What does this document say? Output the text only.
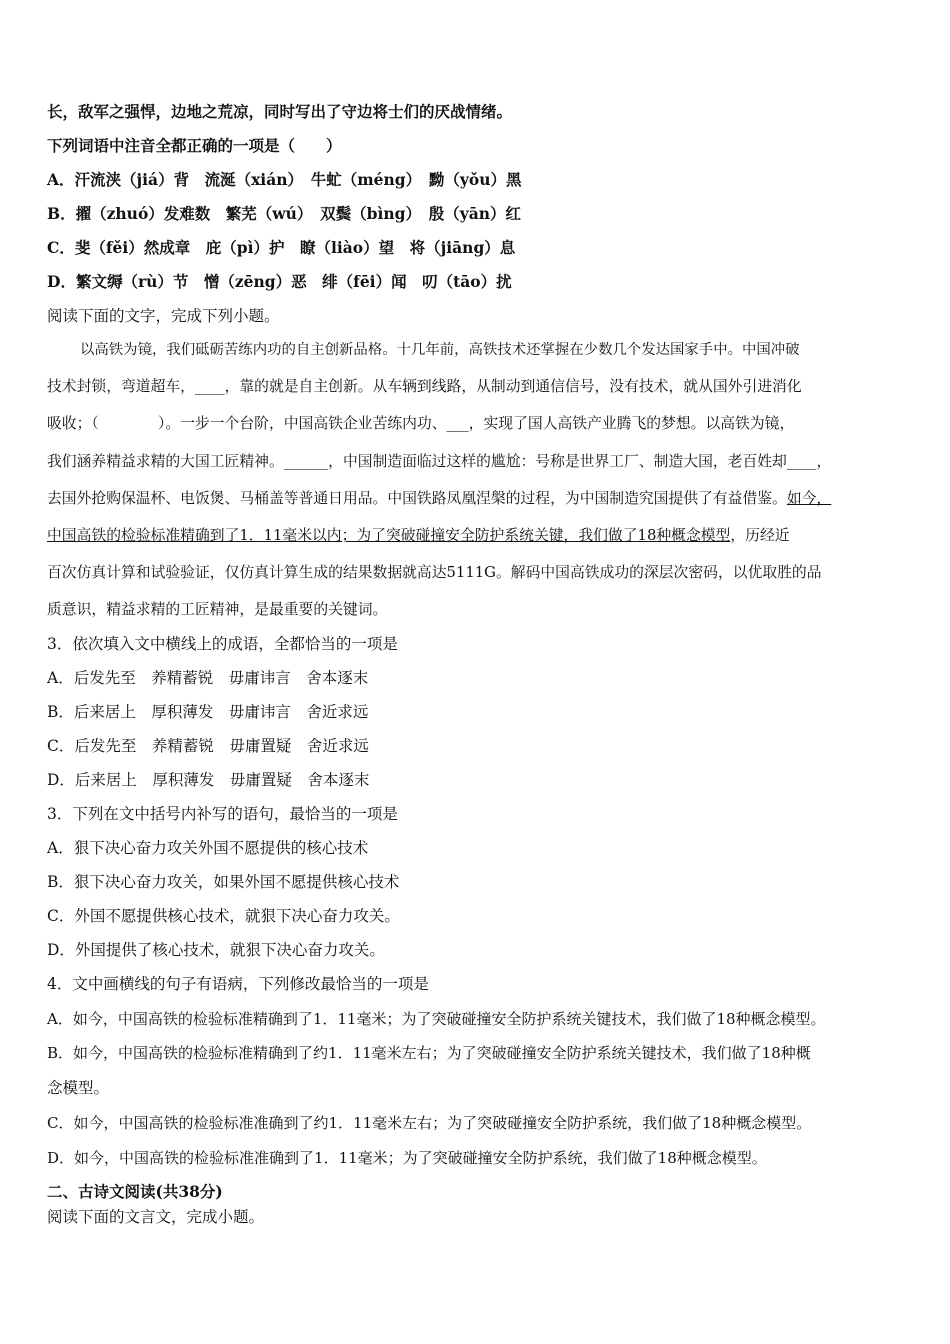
长，敌军之强悍，边地之荒凉，同时写出了守边将士们的厌战情绪。
下列词语中注音全都正确的一项是（　　）
A．汗流浃（jiá）背　流涎（xián）　牛虻（méng）　黝（yǒu）黑
B．擢（zhuó）发难数　繁芜（wú）　双鬓（bìng）　殷（yān）红
C．斐（fěi）然成章　庇（pì）护　瞭（liào）望　将（jiāng）息
D．繁文缛（rù）节　憎（zēng）恶　绯（fēi）闻　叨（tāo）扰
阅读下面的文字，完成下列小题。
以高铁为镜，我们砥砺苦练内功的自主创新品格。十几年前，高铁技术还掌握在少数几个发达国家手中。中国冲破
技术封锁，弯道超车，____，靠的就是自主创新。从车辆到线路，从制动到通信信号，没有技术，就从国外引进消化
吸收；（　　　　）。一步一个台阶，中国高铁企业苦练内功、___，实现了国人高铁产业腾飞的梦想。以高铁为镜，
我们涵养精益求精的大国工匠精神。______，中国制造面临过这样的尴尬：号称是世界工厂、制造大国，老百姓却____，
去国外抢购保温杯、电饭煲、马桶盖等普通日用品。中国铁路凤凰涅槃的过程，为中国制造究国提供了有益借鉴。如今，
中国高铁的检验标准精确到了1．11毫米以内；为了突破碰撞安全防护系统关键，我们做了18种概念模型，历经近
百次仿真计算和试验验证，仅仿真计算生成的结果数据就高达5111G。解码中国高铁成功的深层次密码，以优取胜的品
质意识，精益求精的工匠精神，是最重要的关键词。
3．依次填入文中横线上的成语，全都恰当的一项是
A．后发先至　养精蓄锐　毋庸讳言　舍本逐末
B．后来居上　厚积薄发　毋庸讳言　舍近求远
C．后发先至　养精蓄锐　毋庸置疑　舍近求远
D．后来居上　厚积薄发　毋庸置疑　舍本逐末
3．下列在文中括号内补写的语句，最恰当的一项是
A．狠下决心奋力攻关外国不愿提供的核心技术
B．狠下决心奋力攻关，如果外国不愿提供核心技术
C．外国不愿提供核心技术，就狠下决心奋力攻关。
D．外国提供了核心技术，就狠下决心奋力攻关。
4．文中画横线的句子有语病，下列修改最恰当的一项是
A．如今，中国高铁的检验标准精确到了1．11毫米；为了突破碰撞安全防护系统关键技术，我们做了18种概念模型。
B．如今，中国高铁的检验标准精确到了约1．11毫米左右；为了突破碰撞安全防护系统关键技术，我们做了18种概
念模型。
C．如今，中国高铁的检验标准准确到了约1．11毫米左右；为了突破碰撞安全防护系统，我们做了18种概念模型。
D．如今，中国高铁的检验标准准确到了1．11毫米；为了突破碰撞安全防护系统，我们做了18种概念模型。
二、古诗文阅读(共38分)
阅读下面的文言文，完成小题。
